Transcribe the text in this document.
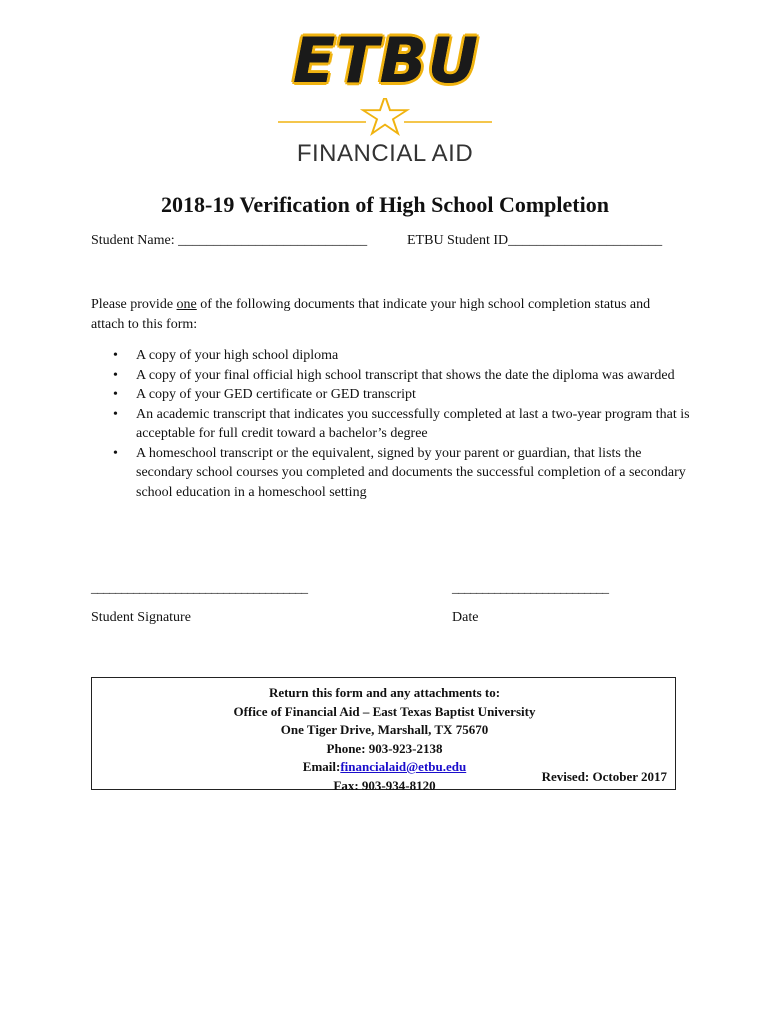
ETBU
FINANCIAL AID
2018-19 Verification of High School Completion
Student Name: ___________________________	ETBU Student ID______________________
Please provide one of the following documents that indicate your high school completion status and attach to this form:
• A copy of your high school diploma
• A copy of your final official high school transcript that shows the date the diploma was awarded
• A copy of your GED certificate or GED transcript
• An academic transcript that indicates you successfully completed at last a two-year program that is acceptable for full credit toward a bachelor’s degree
• A homeschool transcript or the equivalent, signed by your parent or guardian, that lists the secondary school courses you completed and documents the successful completion of a secondary school education in a homeschool setting
____________________________________	__________________________
Student Signature	Date
Return this form and any attachments to:
Office of Financial Aid – East Texas Baptist University
One Tiger Drive, Marshall, TX 75670
Phone: 903-923-2138
Email:financialaid@etbu.edu
Fax: 903-934-8120
Revised: October 2017
